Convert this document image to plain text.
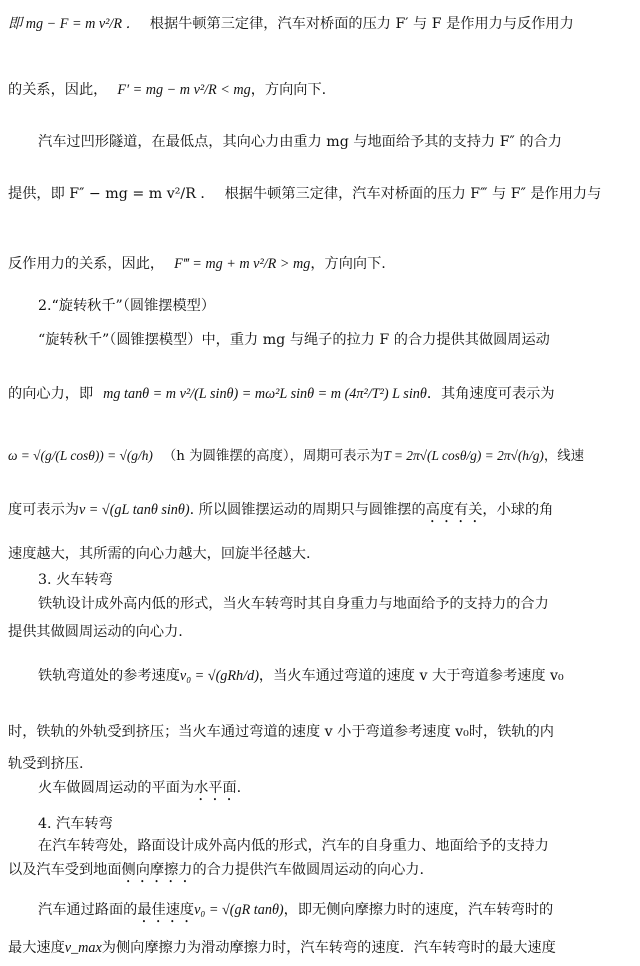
即 mg − F = m v²/R ． 根据牛顿第三定律，汽车对桥面的压力 F′ 与 F 是作用力与反作用力
的关系，因此， F′ = mg − m v²/R < mg，方向向下.
汽车过凹形隧道，在最低点，其向心力由重力 mg 与地面给予其的支持力 F″ 的合力
提供，即 F″ − mg = m v²/R ． 根据牛顿第三定律，汽车对桥面的压力 F‴ 与 F″ 是作用力与
反作用力的关系，因此， F‴ = mg + m v²/R > mg，方向向下.
2.“旋转秋千”（圆锥摆模型）
“旋转秋千”（圆锥摆模型）中，重力 mg 与绳子的拉力 F 的合力提供其做圆周运动
的向心力，即 mg tanθ = m v²/(L sinθ) = mω²L sinθ = m (4π²/T²) L sinθ．其角速度可表示为
ω = √(g/(L cosθ)) = √(g/h) （h 为圆锥摆的高度），周期可表示为T = 2π√(L cosθ/g) = 2π√(h/g)，线速
度可表示为v = √(gL tanθ sinθ). 所以圆锥摆运动的周期只与圆锥摆的高度有关，小球的角
速度越大，其所需的向心力越大，回旋半径越大.
3. 火车转弯
铁轨设计成外高内低的形式，当火车转弯时其自身重力与地面给予的支持力的合力
提供其做圆周运动的向心力.
铁轨弯道处的参考速度v₀ = √(gRh/d)，当火车通过弯道的速度 v 大于弯道参考速度 v₀
时，铁轨的外轨受到挤压；当火车通过弯道的速度 v 小于弯道参考速度 v₀时，铁轨的内
轨受到挤压.
火车做圆周运动的平面为水平面.
4. 汽车转弯
在汽车转弯处，路面设计成外高内低的形式，汽车的自身重力、地面给予的支持力
以及汽车受到地面侧向摩擦力的合力提供汽车做圆周运动的向心力.
汽车通过路面的最佳速度v₀ = √(gR tanθ)，即无侧向摩擦力时的速度，汽车转弯时的
最大速度v_max为侧向摩擦力为滑动摩擦力时，汽车转弯的速度．汽车转弯时的最大速度
